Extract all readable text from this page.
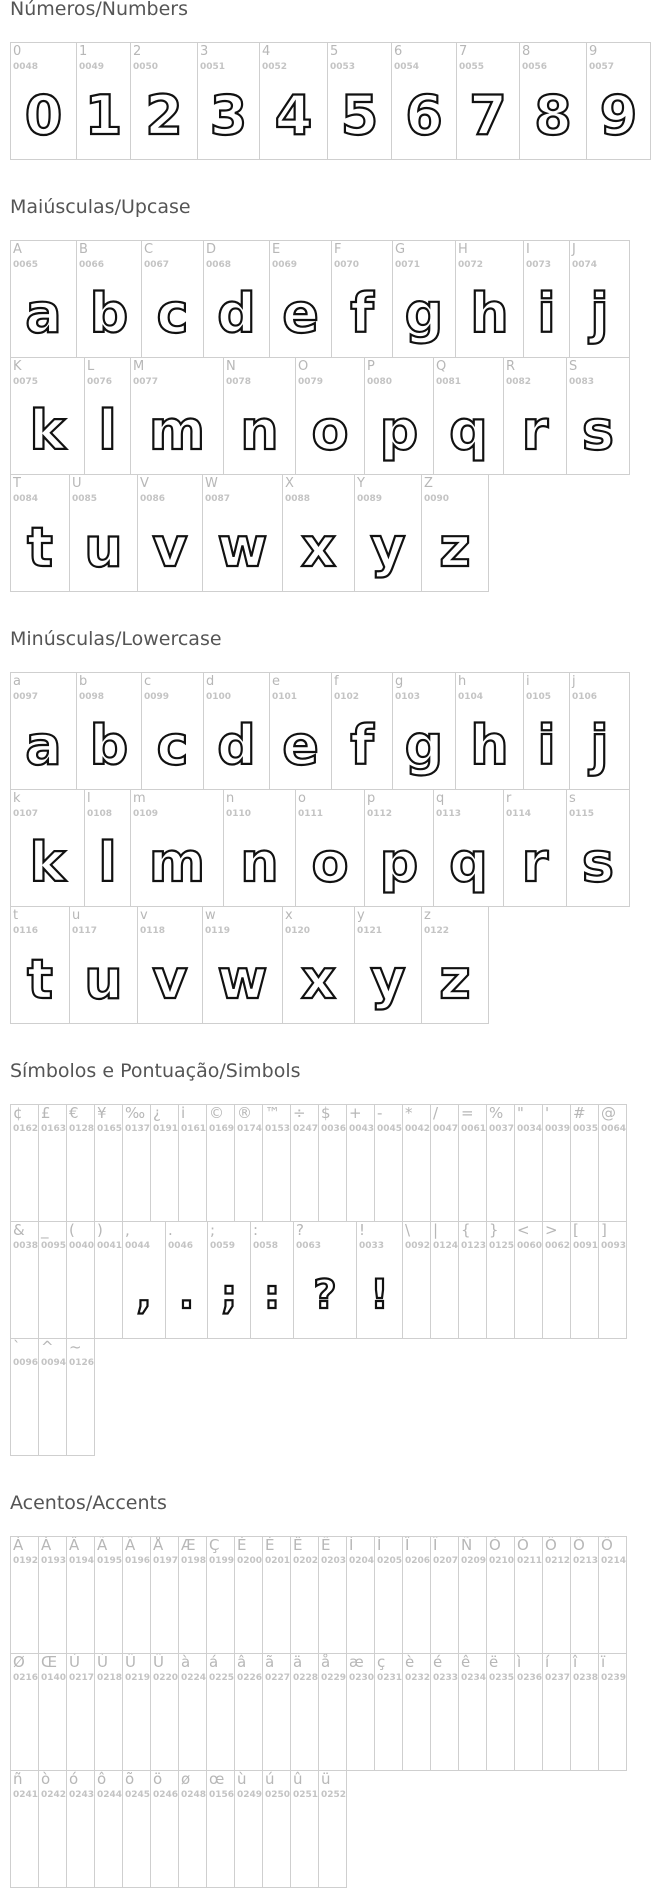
Números/Numbers
0
0048
0
1
0049
1
2
0050
2
3
0051
3
4
0052
4
5
0053
5
6
0054
6
7
0055
7
8
0056
8
9
0057
9
Maiúsculas/Upcase
A
0065
a
B
0066
b
C
0067
c
D
0068
d
E
0069
e
F
0070
f
G
0071
g
H
0072
h
I
0073
i
J
0074
j
K
0075
k
L
0076
l
M
0077
m
N
0078
n
O
0079
o
P
0080
p
Q
0081
q
R
0082
r
S
0083
s
T
0084
t
U
0085
u
V
0086
v
W
0087
w
X
0088
x
Y
0089
y
Z
0090
z
Minúsculas/Lowercase
a
0097
a
b
0098
b
c
0099
c
d
0100
d
e
0101
e
f
0102
f
g
0103
g
h
0104
h
i
0105
i
j
0106
j
k
0107
k
l
0108
l
m
0109
m
n
0110
n
o
0111
o
p
0112
p
q
0113
q
r
0114
r
s
0115
s
t
0116
t
u
0117
u
v
0118
v
w
0119
w
x
0120
x
y
0121
y
z
0122
z
Símbolos e Pontuação/Simbols
¢
0162
£
0163
€
0128
¥
0165
‰
0137
¿
0191
i
0161
©
0169
®
0174
™
0153
÷
0247
$
0036
+
0043
-
0045
*
0042
/
0047
=
0061
%
0037
"
0034
'
0039
#
0035
@
0064
&
0038
_
0095
(
0040
)
0041
,
0044
,
.
0046
.
;
0059
;
:
0058
:
?
0063
?
!
0033
!
\
0092
|
0124
{
0123
}
0125
<
0060
>
0062
[
0091
]
0093
`
0096
^
0094
~
0126
Acentos/Accents
À
0192
Á
0193
Â
0194
Ã
0195
Ä
0196
Å
0197
Æ
0198
Ç
0199
È
0200
É
0201
Ê
0202
Ë
0203
Ì
0204
Í
0205
Î
0206
Ï
0207
Ñ
0209
Ò
0210
Ó
0211
Ô
0212
Õ
0213
Ö
0214
Ø
0216
Œ
0140
Ù
0217
Ú
0218
Û
0219
Ü
0220
à
0224
á
0225
â
0226
ã
0227
ä
0228
å
0229
æ
0230
ç
0231
è
0232
é
0233
ê
0234
ë
0235
ì
0236
í
0237
î
0238
ï
0239
ñ
0241
ò
0242
ó
0243
ô
0244
õ
0245
ö
0246
ø
0248
œ
0156
ù
0249
ú
0250
û
0251
ü
0252
